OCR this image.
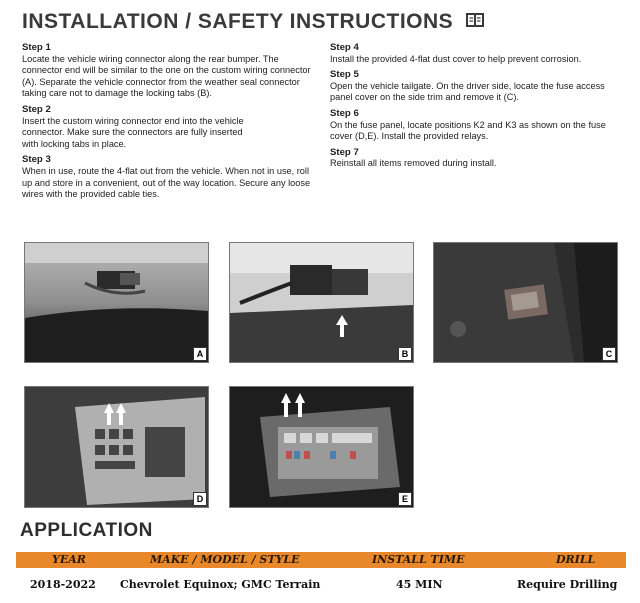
INSTALLATION / SAFETY INSTRUCTIONS

Step 1

Locate the vehicle wiring connector along the rear bumper. The connector end will be similar to the one on the custom wiring connector (A). Separate the vehicle connector from the weather seal connector taking care not to damage the locking tabs (B).

Step 2

Insert the custom wiring connector end into the vehicle connector. Make sure the connectors are fully inserted with locking tabs in place.

Step 3

When in use, route the 4-flat out from the vehicle. When not in use, roll up and store in a convenient, out of the way location. Secure any loose wires with the provided cable ties.

Step 4

Install the provided 4-flat dust cover to help prevent corrosion.

Step 5

Open the vehicle tailgate. On the driver side, locate the fuse access panel cover on the side trim and remove it (C).

Step 6

On the fuse panel, locate positions K2 and K3 as shown on the fuse cover (D,E). Install the provided relays.

Step 7

Reinstall all items removed during install.

A	B	C
D	E
APPLICATION
YEAR	MAKE / MODEL / STYLE	INSTALL TIME	DRILL
2018-2022 Chevrolet Equinox; GMC Terrain	45 MIN	Require Drilling
